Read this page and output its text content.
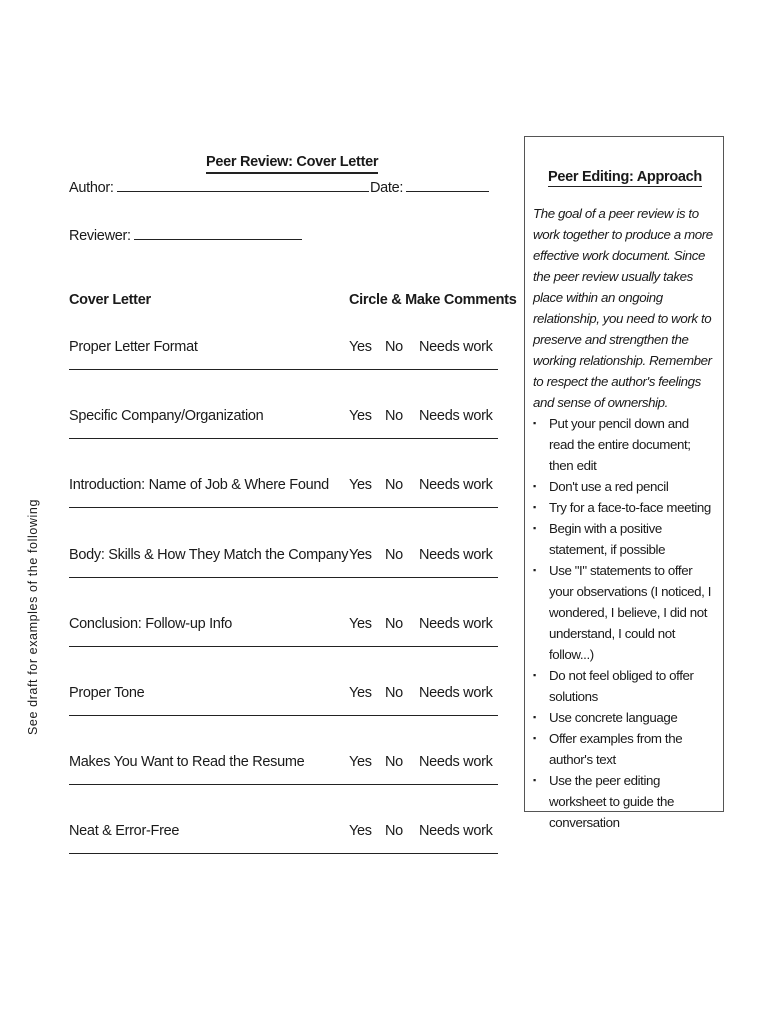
Peer Review: Cover Letter
Author:	Date:
Reviewer:
Cover Letter	Circle & Make Comments
Proper Letter Format	Yes No Needs work
Specific Company/Organization	Yes No Needs work
Introduction: Name of Job & Where Found Yes No Needs work
Body: Skills & How They Match the Company Yes No Needs work
Conclusion: Follow-up Info	Yes No Needs work
Proper Tone	Yes No Needs work
Makes You Want to Read the Resume	Yes No Needs work
Neat & Error-Free	Yes No Needs work
See draft for examples of the following
Peer Editing: Approach
The goal of a peer review is to work together to produce a more effective work document. Since the peer review usually takes place within an ongoing relationship, you need to work to preserve and strengthen the working relationship. Remember to respect the author's feelings and sense of ownership.
▪ Put your pencil down and read the entire document; then edit
▪ Don't use a red pencil
▪ Try for a face-to-face meeting
▪ Begin with a positive statement, if possible
▪ Use "I" statements to offer your observations (I noticed, I wondered, I believe, I did not understand, I could not follow...)
▪ Do not feel obliged to offer solutions
▪ Use concrete language
▪ Offer examples from the author's text
▪ Use the peer editing worksheet to guide the conversation
